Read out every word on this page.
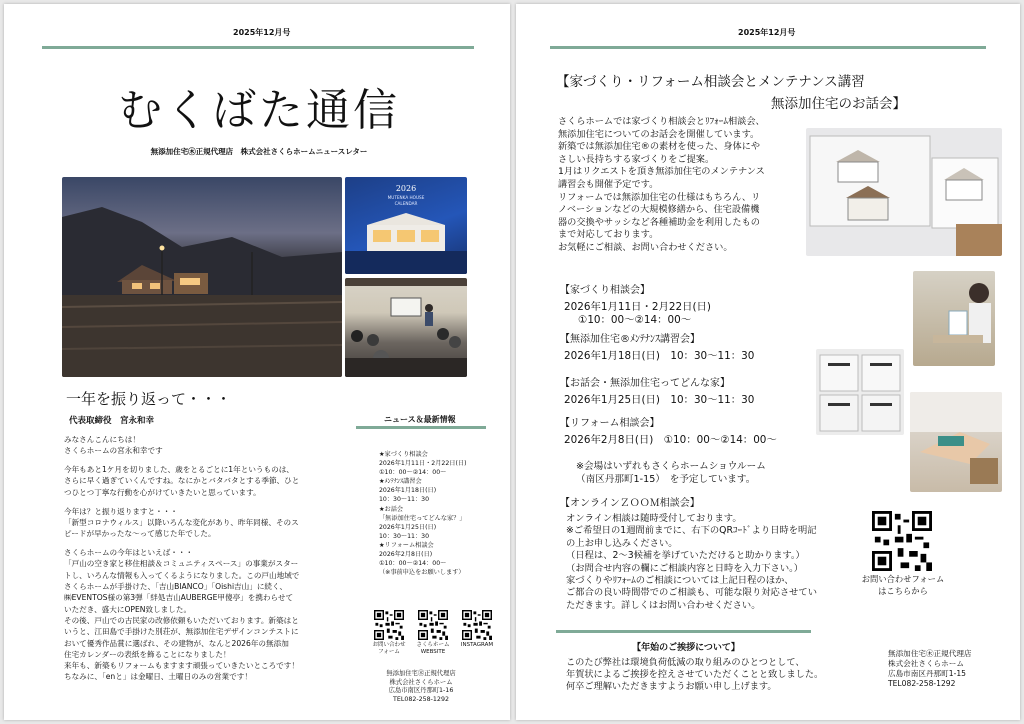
2025年12月号
むくばた通信
無添加住宅㊍正規代理店　株式会社さくらホームニュースレター
2026
MUTENKA HOUSE
CALENDAR
一年を振り返って・・・
代表取締役　宮永和幸
みなさんこんにちは！
さくらホームの宮永和幸です
今年もあと1ケ月を切りました、歳をとるごとに1年というものは、
さらに早く過ぎていくんですね。なにかとバタバタとする季節、ひと
つひとつ丁寧な行動を心がけていきたいと思っています。
今年は？と振り返りますと・・・
「新型コロナウィルス」以降いろんな変化があり、昨年同様、そのス
ピードが早かったな～って感じた年でした。
さくらホームの今年はといえば・・・
「戸山の空き家と移住相談＆コミュニティスペース」の事業がスター
トし、いろんな情報も入ってくるようになりました。この戸山地域で
さくらホームが手掛けた、「吉山BIANCO」「Oishi吉山」に続く、
㈱EVENTOS様の第3弾「絆処吉山AUBERGE甲傻亭」を携わらせて
いただき、盛大にOPEN致しました。
その後、戸山での古民家の改修依頼もいただいております。新築はと
いうと、江田島で手掛けた別荘が、無添加住宅デザインコンテストに
おいて優秀作品賞に選ばれ、その建物が、なんと2026年の無添加
住宅カレンダーの表紙を飾ることになりました！
来年も、新築もリフォームもますます頑張っていきたいところです！
ちなみに、「enと」は金曜日、土曜日のみの営業です！
ニュース＆最新情報
★家づくり相談会
2026年1月11日・2月22日(日)
①10：00～②14：00～
★ﾒﾝﾃﾅﾝｽ講習会
2026年1月18日(日)
10：30～11：30
★お話会
「無添加住宅ってどんな家？」
2026年1月25日(日)
10：30～11：30
★リフォーム相談会
2026年2月8日(日)
①10：00～②14：00～
（※事前申込をお願いします）
お問い合わせ
フォーム
さくらホーム
WEBSITE
INSTAGRAM
無添加住宅㊍正規代理店
株式会社さくらホーム
広島市南区丹那町1-16
TEL082-258-1292
2025年12月号
【家づくり・リフォーム相談会とメンテナンス講習
無添加住宅のお話会】
さくらホームでは家づくり相談会とﾘﾌｫｰﾑ相談会、
無添加住宅についてのお話会を開催しています。
新築では無添加住宅®の素材を使った、身体にや
さしい長持ちする家づくりをご提案。
1月はリクエストを頂き無添加住宅のメンテナンス
講習会も開催予定です。
リフォームでは無添加住宅の仕様はもちろん、リ
ノベーションなどの大規模修繕から、住宅設備機
器の交換やサッシなど各種補助金を利用したもの
まで対応しております。
お気軽にご相談、お問い合わせください。
【家づくり相談会】
2026年1月11日・2月22日(日)
①10：00～②14：00～
【無添加住宅®ﾒﾝﾃﾅﾝｽ講習会】
2026年1月18日(日)　10：30～11：30
【お話会・無添加住宅ってどんな家】
2026年1月25日(日)　10：30～11：30
【リフォーム相談会】
2026年2月8日(日)　①10：00～②14：00～
※会場はいずれもさくらホームショウルーム
（南区丹那町1-15）　を予定しています。
【オンラインＺＯＯＭ相談会】
オンライン相談は随時受付しております。
※ご希望日の1週間前までに、右下のQRｺｰﾄﾞより日時を明記
の上お申し込みください。
（日程は、2～3候補を挙げていただけると助かります。）
（お問合せ内容の欄にご相談内容と日時を入力下さい。）
家づくりやﾘﾌｫｰﾑのご相談については上記日程のほか、
ご都合の良い時間帯でのご相談も、可能な限り対応させてい
ただきます。詳しくはお問い合わせください。
お問い合わせフォーム
はこちらから
【年始のご挨拶について】
このたび弊社は環境負荷低減の取り組みのひとつとして、
年賀状によるご挨拶を控えさせていただくことと致しました。
何卒ご理解いただきますようお願い申し上げます。
無添加住宅㊍正規代理店
株式会社さくらホーム
広島市南区丹那町1-15
TEL082-258-1292
